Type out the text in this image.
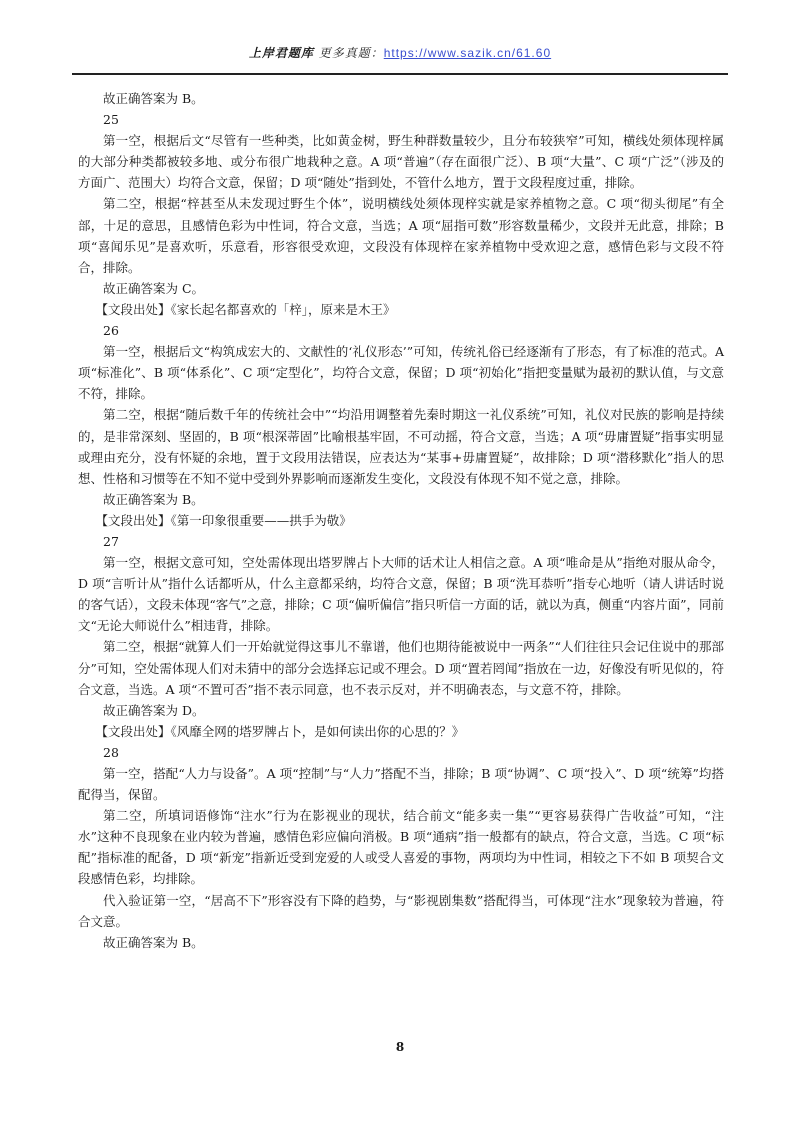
上岸君题库 更多真题：https://www.sazik.cn/61.60

故正确答案为 B。

25

第一空，根据后文“尽管有一些种类，比如黄金树，野生种群数量较少，且分布较狭窄”可知，横线处须体现梓属的大部分种类都被较多地、或分布很广地栽种之意。A 项“普遍”（存在面很广泛）、B 项“大量”、C 项“广泛”（涉及的方面广、范围大）均符合文意，保留；D 项“随处”指到处，不管什么地方，置于文段程度过重，排除。

第二空，根据“梓甚至从未发现过野生个体”，说明横线处须体现梓实就是家养植物之意。C 项“彻头彻尾”有全部，十足的意思，且感情色彩为中性词，符合文意，当选；A 项“屈指可数”形容数量稀少，文段并无此意，排除；B 项“喜闻乐见”是喜欢听，乐意看，形容很受欢迎，文段没有体现梓在家养植物中受欢迎之意，感情色彩与文段不符合，排除。

故正确答案为 C。

【文段出处】《家长起名都喜欢的「梓」，原来是木王》

26

第一空，根据后文“构筑成宏大的、文献性的‘礼仪形态’”可知，传统礼俗已经逐渐有了形态，有了标准的范式。A 项“标准化”、B 项“体系化”、C 项“定型化”，均符合文意，保留；D 项“初始化”指把变量赋为最初的默认值，与文意不符，排除。

第二空，根据“随后数千年的传统社会中”“均沿用调整着先秦时期这一礼仪系统”可知，礼仪对民族的影响是持续的，是非常深刻、坚固的，B 项“根深蒂固”比喻根基牢固，不可动摇，符合文意，当选；A 项“毋庸置疑”指事实明显或理由充分，没有怀疑的余地，置于文段用法错误，应表达为“某事+毋庸置疑”，故排除；D 项“潜移默化”指人的思想、性格和习惯等在不知不觉中受到外界影响而逐渐发生变化，文段没有体现不知不觉之意，排除。

故正确答案为 B。

【文段出处】《第一印象很重要——拱手为敬》

27

第一空，根据文意可知，空处需体现出塔罗牌占卜大师的话术让人相信之意。A 项“唯命是从”指绝对服从命令，D 项“言听计从”指什么话都听从，什么主意都采纳，均符合文意，保留；B 项“洗耳恭听”指专心地听（请人讲话时说的客气话），文段未体现“客气”之意，排除；C 项“偏听偏信”指只听信一方面的话，就以为真，侧重“内容片面”，同前文“无论大师说什么”相违背，排除。

第二空，根据“就算人们一开始就觉得这事儿不靠谱，他们也期待能被说中一两条”“人们往往只会记住说中的那部分”可知，空处需体现人们对未猜中的部分会选择忘记或不理会。D 项“置若罔闻”指放在一边，好像没有听见似的，符合文意，当选。A 项“不置可否”指不表示同意，也不表示反对，并不明确表态，与文意不符，排除。

故正确答案为 D。

【文段出处】《风靡全网的塔罗牌占卜，是如何读出你的心思的？》

28

第一空，搭配“人力与设备”。A 项“控制”与“人力”搭配不当，排除；B 项“协调”、C 项“投入”、D 项“统筹”均搭配得当，保留。

第二空，所填词语修饰“注水”行为在影视业的现状，结合前文“能多卖一集”“更容易获得广告收益”可知，“注水”这种不良现象在业内较为普遍，感情色彩应偏向消极。B 项“通病”指一般都有的缺点，符合文意，当选。C 项“标配”指标准的配备，D 项“新宠”指新近受到宠爱的人或受人喜爱的事物，两项均为中性词，相较之下不如 B 项契合文段感情色彩，均排除。

代入验证第一空，“居高不下”形容没有下降的趋势，与“影视剧集数”搭配得当，可体现“注水”现象较为普遍，符合文意。

故正确答案为 B。

8
